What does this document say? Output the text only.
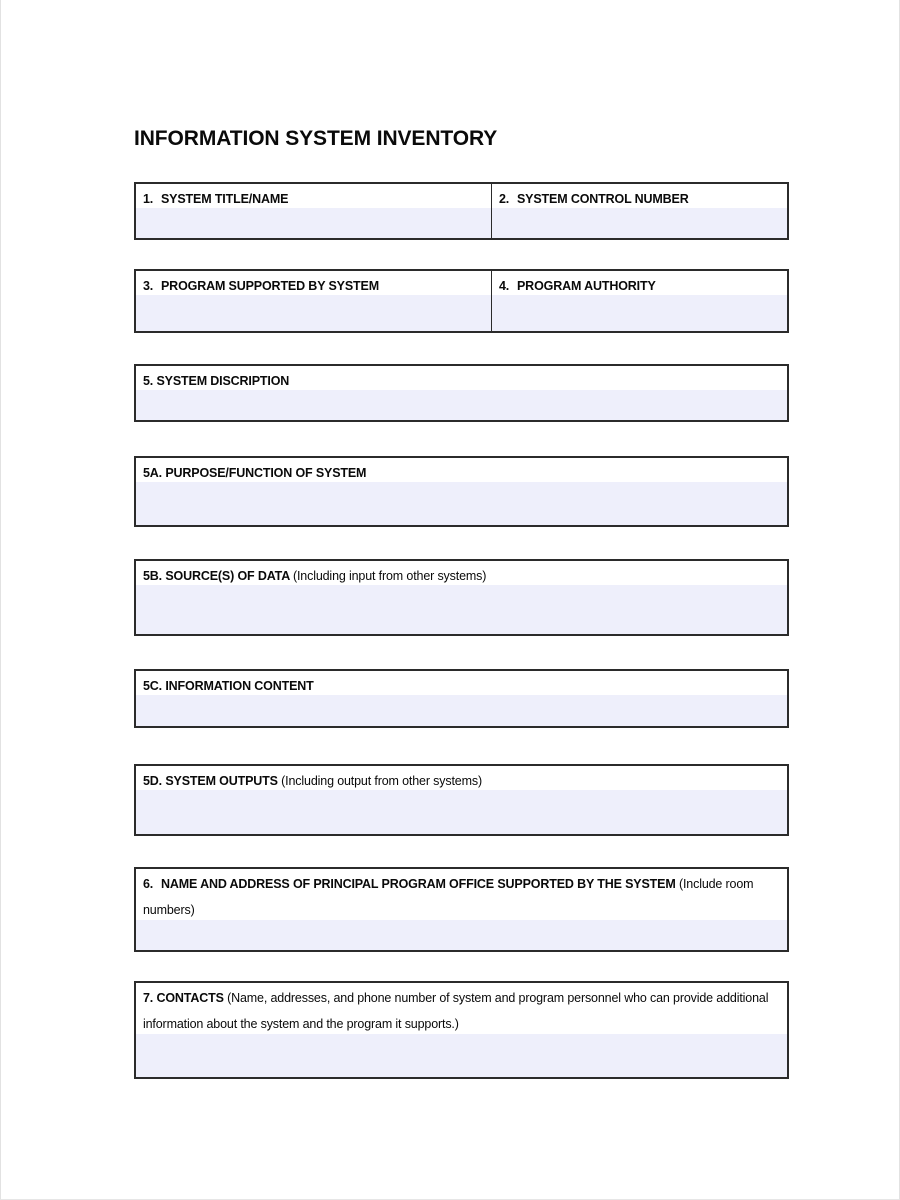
INFORMATION SYSTEM INVENTORY
1. SYSTEM TITLE/NAME	2. SYSTEM CONTROL NUMBER
3. PROGRAM SUPPORTED BY SYSTEM	4. PROGRAM AUTHORITY
5. SYSTEM DISCRIPTION
5A. PURPOSE/FUNCTION OF SYSTEM
5B. SOURCE(S) OF DATA (Including input from other systems)
5C. INFORMATION CONTENT
5D. SYSTEM OUTPUTS (Including output from other systems)
6. NAME AND ADDRESS OF PRINCIPAL PROGRAM OFFICE SUPPORTED BY THE SYSTEM (Include room numbers)
7. CONTACTS (Name, addresses, and phone number of system and program personnel who can provide additional information about the system and the program it supports.)
